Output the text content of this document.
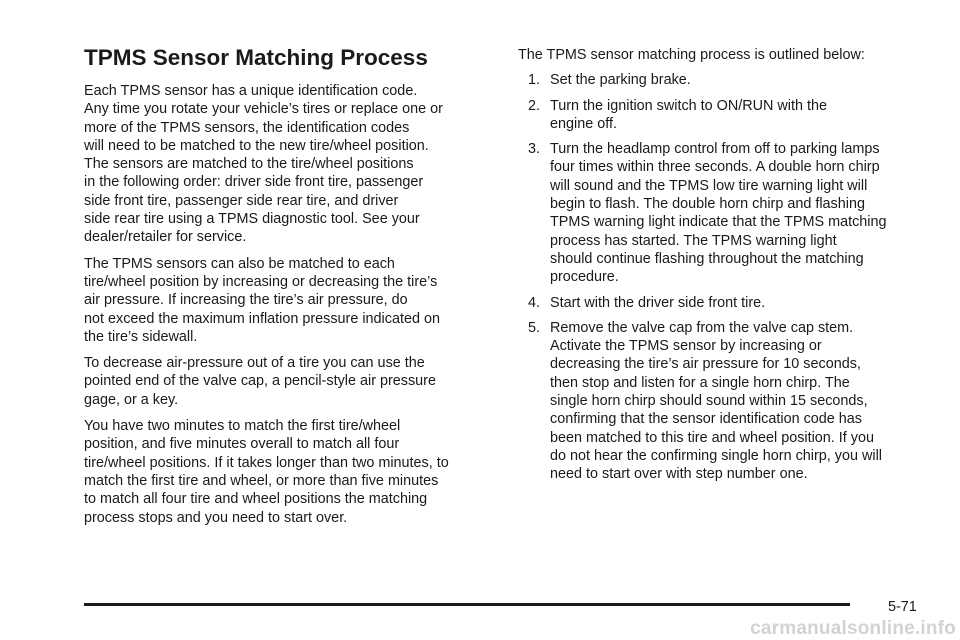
TPMS Sensor Matching Process

Each TPMS sensor has a unique identification code.
Any time you rotate your vehicle’s tires or replace one or
more of the TPMS sensors, the identification codes
will need to be matched to the new tire/wheel position.
The sensors are matched to the tire/wheel positions
in the following order: driver side front tire, passenger
side front tire, passenger side rear tire, and driver
side rear tire using a TPMS diagnostic tool. See your
dealer/retailer for service.

The TPMS sensors can also be matched to each
tire/wheel position by increasing or decreasing the tire’s
air pressure. If increasing the tire’s air pressure, do
not exceed the maximum inflation pressure indicated on
the tire’s sidewall.

To decrease air-pressure out of a tire you can use the
pointed end of the valve cap, a pencil-style air pressure
gage, or a key.

You have two minutes to match the first tire/wheel
position, and five minutes overall to match all four
tire/wheel positions. If it takes longer than two minutes, to
match the first tire and wheel, or more than five minutes
to match all four tire and wheel positions the matching
process stops and you need to start over.

The TPMS sensor matching process is outlined below:

1. Set the parking brake.
2. Turn the ignition switch to ON/RUN with the
engine off.
3. Turn the headlamp control from off to parking lamps
four times within three seconds. A double horn chirp
will sound and the TPMS low tire warning light will
begin to flash. The double horn chirp and flashing
TPMS warning light indicate that the TPMS matching
process has started. The TPMS warning light
should continue flashing throughout the matching
procedure.
4. Start with the driver side front tire.
5. Remove the valve cap from the valve cap stem.
Activate the TPMS sensor by increasing or
decreasing the tire’s air pressure for 10 seconds,
then stop and listen for a single horn chirp. The
single horn chirp should sound within 15 seconds,
confirming that the sensor identification code has
been matched to this tire and wheel position. If you
do not hear the confirming single horn chirp, you will
need to start over with step number one.
5-71
carmanualsonline.info
